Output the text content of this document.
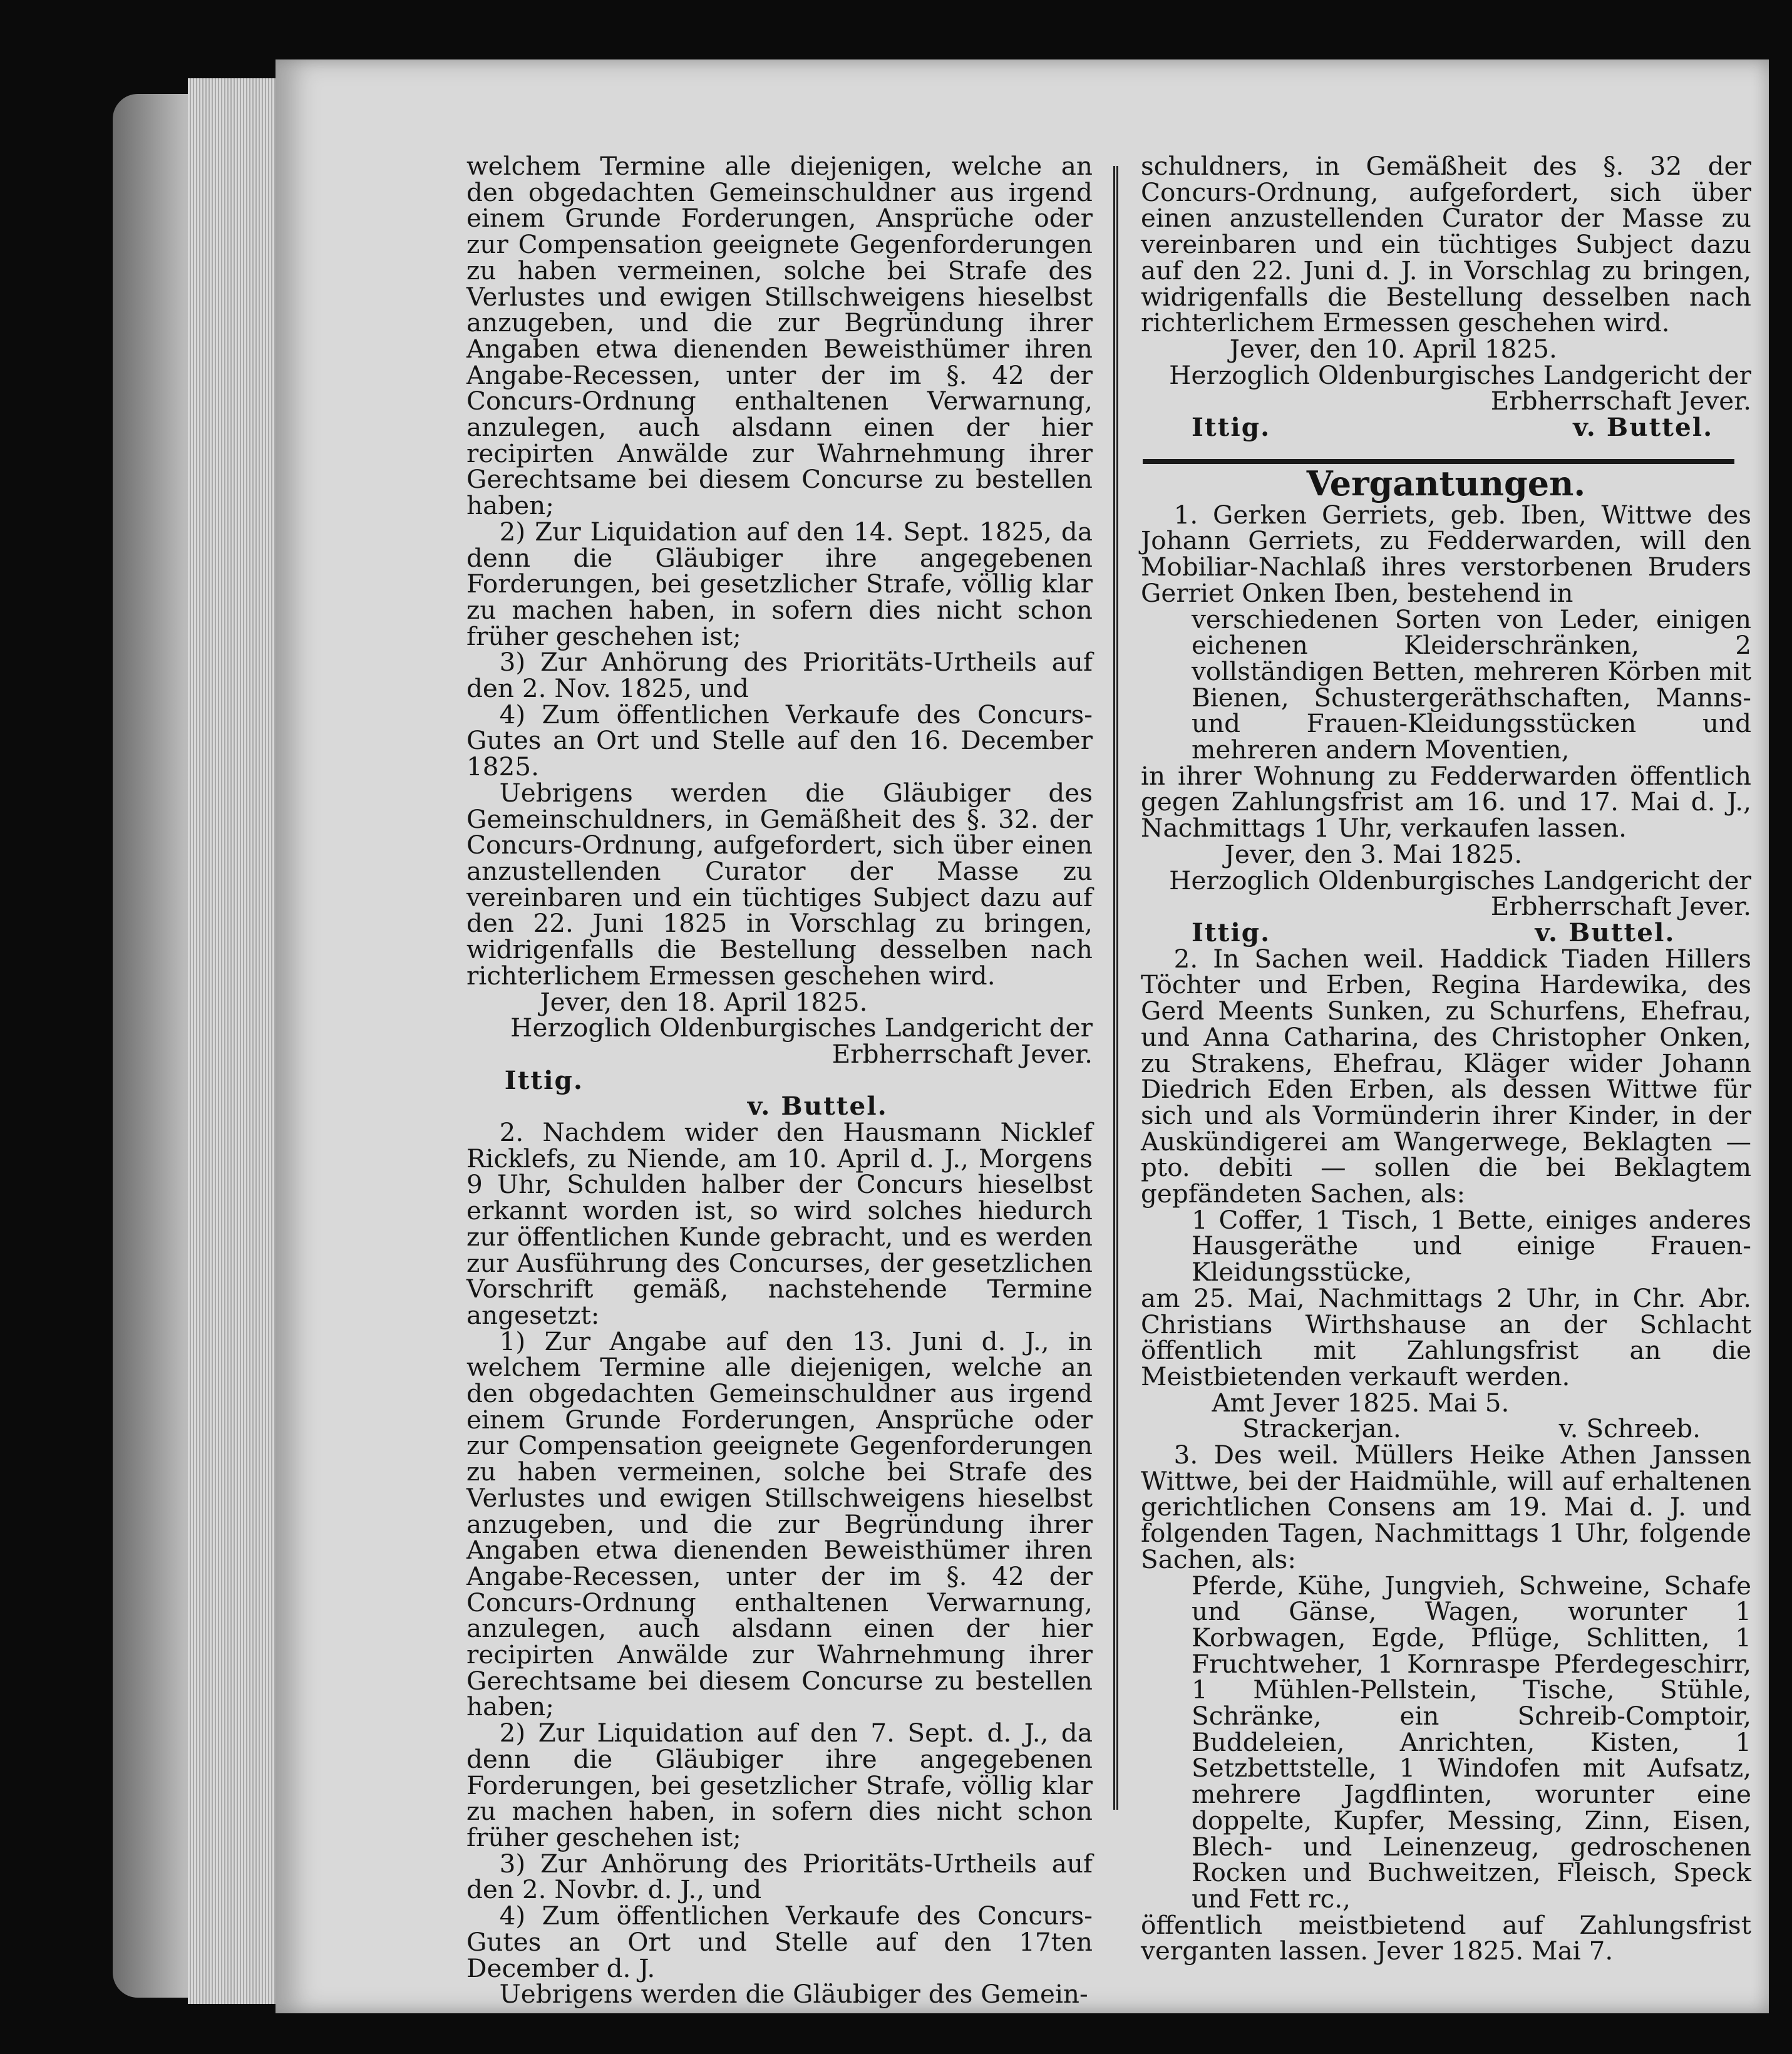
welchem Termine alle diejenigen, welche an den obgedachten Gemeinschuldner aus irgend einem Grunde Forderungen, Ansprüche oder zur Compensation geeignete Gegenforderungen zu haben vermeinen, solche bei Strafe des Verlustes und ewigen Stillschweigens hieselbst anzugeben, und die zur Begründung ihrer Angaben etwa dienenden Beweisthümer ihren Angabe-Recessen, unter der im §. 42 der Concurs-Ordnung enthaltenen Verwarnung, anzulegen, auch alsdann einen der hier recipirten Anwälde zur Wahrnehmung ihrer Gerechtsame bei diesem Concurse zu bestellen haben;

2) Zur Liquidation auf den 14. Sept. 1825, da denn die Gläubiger ihre angegebenen Forderungen, bei gesetzlicher Strafe, völlig klar zu machen haben, in sofern dies nicht schon früher geschehen ist;

3) Zur Anhörung des Prioritäts-Urtheils auf den 2. Nov. 1825, und

4) Zum öffentlichen Verkaufe des Concurs-Gutes an Ort und Stelle auf den 16. December 1825.

Uebrigens werden die Gläubiger des Gemeinschuldners, in Gemäßheit des §. 32. der Concurs-Ordnung, aufgefordert, sich über einen anzustellenden Curator der Masse zu vereinbaren und ein tüchtiges Subject dazu auf den 22. Juni 1825 in Vorschlag zu bringen, widrigenfalls die Bestellung desselben nach richterlichem Ermessen geschehen wird.

Jever, den 18. April 1825.

Herzoglich Oldenburgisches Landgericht der Erbherrschaft Jever.

Ittig.

v. Buttel.

2. Nachdem wider den Hausmann Nicklef Ricklefs, zu Niende, am 10. April d. J., Morgens 9 Uhr, Schulden halber der Concurs hieselbst erkannt worden ist, so wird solches hiedurch zur öffentlichen Kunde gebracht, und es werden zur Ausführung des Concurses, der gesetzlichen Vorschrift gemäß, nachstehende Termine angesetzt:

1) Zur Angabe auf den 13. Juni d. J., in welchem Termine alle diejenigen, welche an den obgedachten Gemeinschuldner aus irgend einem Grunde Forderungen, Ansprüche oder zur Compensation geeignete Gegenforderungen zu haben vermeinen, solche bei Strafe des Verlustes und ewigen Stillschweigens hieselbst anzugeben, und die zur Begründung ihrer Angaben etwa dienenden Beweisthümer ihren Angabe-Recessen, unter der im §. 42 der Concurs-Ordnung enthaltenen Verwarnung, anzulegen, auch alsdann einen der hier recipirten Anwälde zur Wahrnehmung ihrer Gerechtsame bei diesem Concurse zu bestellen haben;

2) Zur Liquidation auf den 7. Sept. d. J., da denn die Gläubiger ihre angegebenen Forderungen, bei gesetzlicher Strafe, völlig klar zu machen haben, in sofern dies nicht schon früher geschehen ist;

3) Zur Anhörung des Prioritäts-Urtheils auf den 2. Novbr. d. J., und

4) Zum öffentlichen Verkaufe des Concurs-Gutes an Ort und Stelle auf den 17ten December d. J.

Uebrigens werden die Gläubiger des Gemein-

schuldners, in Gemäßheit des §. 32 der Concurs-Ordnung, aufgefordert, sich über einen anzustellenden Curator der Masse zu vereinbaren und ein tüchtiges Subject dazu auf den 22. Juni d. J. in Vorschlag zu bringen, widrigenfalls die Bestellung desselben nach richterlichem Ermessen geschehen wird.

Jever, den 10. April 1825.

Herzoglich Oldenburgisches Landgericht der Erbherrschaft Jever.

Ittig.	v. Buttel.

Vergantungen.

1. Gerken Gerriets, geb. Iben, Wittwe des Johann Gerriets, zu Fedderwarden, will den Mobiliar-Nachlaß ihres verstorbenen Bruders Gerriet Onken Iben, bestehend in

verschiedenen Sorten von Leder, einigen eichenen Kleiderschränken, 2 vollständigen Betten, mehreren Körben mit Bienen, Schustergeräthschaften, Manns- und Frauen-Kleidungsstücken und mehreren andern Moventien,

in ihrer Wohnung zu Fedderwarden öffentlich gegen Zahlungsfrist am 16. und 17. Mai d. J., Nachmittags 1 Uhr, verkaufen lassen.

Jever, den 3. Mai 1825.

Herzoglich Oldenburgisches Landgericht der Erbherrschaft Jever.

Ittig.	v. Buttel.

2. In Sachen weil. Haddick Tiaden Hillers Töchter und Erben, Regina Hardewika, des Gerd Meents Sunken, zu Schurfens, Ehefrau, und Anna Catharina, des Christopher Onken, zu Strakens, Ehefrau, Kläger wider Johann Diedrich Eden Erben, als dessen Wittwe für sich und als Vormünderin ihrer Kinder, in der Auskündigerei am Wangerwege, Beklagten — pto. debiti — sollen die bei Beklagtem gepfändeten Sachen, als:

1 Coffer, 1 Tisch, 1 Bette, einiges anderes Hausgeräthe und einige Frauen-Kleidungsstücke,

am 25. Mai, Nachmittags 2 Uhr, in Chr. Abr. Christians Wirthshause an der Schlacht öffentlich mit Zahlungsfrist an die Meistbietenden verkauft werden.

Amt Jever 1825. Mai 5.

Strackerjan.	v. Schreeb.

3. Des weil. Müllers Heike Athen Janssen Wittwe, bei der Haidmühle, will auf erhaltenen gerichtlichen Consens am 19. Mai d. J. und folgenden Tagen, Nachmittags 1 Uhr, folgende Sachen, als:

Pferde, Kühe, Jungvieh, Schweine, Schafe und Gänse, Wagen, worunter 1 Korbwagen, Egde, Pflüge, Schlitten, 1 Fruchtweher, 1 Kornraspe Pferdegeschirr, 1 Mühlen-Pellstein, Tische, Stühle, Schränke, ein Schreib-Comptoir, Buddeleien, Anrichten, Kisten, 1 Setzbettstelle, 1 Windofen mit Aufsatz, mehrere Jagdflinten, worunter eine doppelte, Kupfer, Messing, Zinn, Eisen, Blech- und Leinenzeug, gedroschenen Rocken und Buchweitzen, Fleisch, Speck und Fett rc.,

öffentlich meistbietend auf Zahlungsfrist verganten lassen. Jever 1825. Mai 7.
